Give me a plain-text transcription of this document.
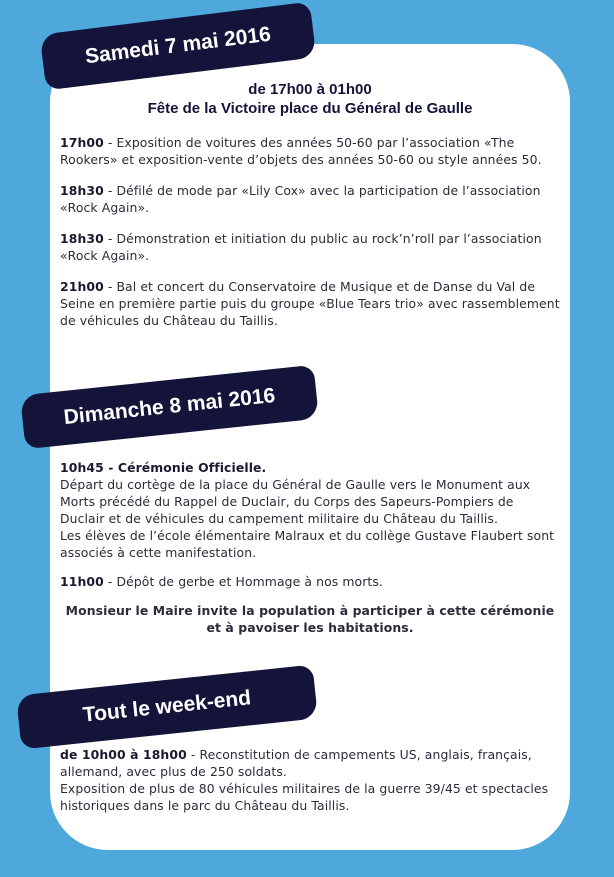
Samedi 7 mai 2016
de 17h00 à 01h00
Fête de la Victoire place du Général de Gaulle

17h00 - Exposition de voitures des années 50-60 par l’association «The Rookers» et exposition-vente d’objets des années 50-60 ou style années 50.

18h30 - Défilé de mode par «Lily Cox» avec la participation de l’association «Rock Again».

18h30 - Démonstration et initiation du public au rock’n’roll par l’association «Rock Again».

21h00 - Bal et concert du Conservatoire de Musique et de Danse du Val de Seine en première partie puis du groupe «Blue Tears trio» avec rassemblement de véhicules du Château du Taillis.

Dimanche 8 mai 2016

10h45 - Cérémonie Officielle.
Départ du cortège de la place du Général de Gaulle vers le Monument aux Morts précédé du Rappel de Duclair, du Corps des Sapeurs-Pompiers de Duclair et de véhicules du campement militaire du Château du Taillis.
Les élèves de l’école élémentaire Malraux et du collège Gustave Flaubert sont associés à cette manifestation.

11h00 - Dépôt de gerbe et Hommage à nos morts.

Monsieur le Maire invite la population à participer à cette cérémonie et à pavoiser les habitations.

Tout le week-end

de 10h00 à 18h00 - Reconstitution de campements US, anglais, français, allemand, avec plus de 250 soldats.
Exposition de plus de 80 véhicules militaires de la guerre 39/45 et spectacles historiques dans le parc du Château du Taillis.
